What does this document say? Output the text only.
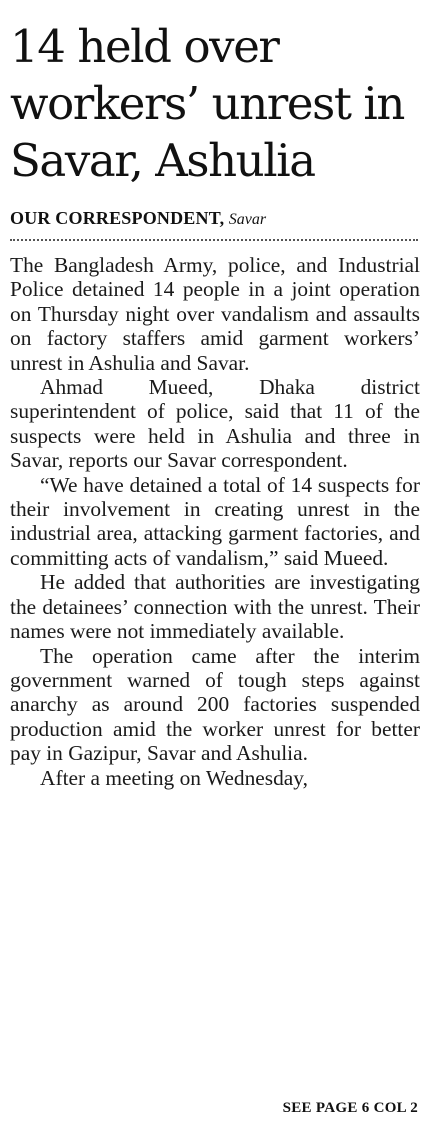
14 held over workers’ unrest in Savar, Ashulia
OUR CORRESPONDENT, Savar

The Bangladesh Army, police, and Industrial Police detained 14 people in a joint operation on Thursday night over vandalism and assaults on factory staffers amid garment workers’ unrest in Ashulia and Savar.

Ahmad Mueed, Dhaka district superintendent of police, said that 11 of the suspects were held in Ashulia and three in Savar, reports our Savar correspondent.

“We have detained a total of 14 suspects for their involvement in creating unrest in the industrial area, attacking garment factories, and committing acts of vandalism,” said Mueed.

He added that authorities are investigating the detainees’ connection with the unrest. Their names were not immediately available.

The operation came after the interim government warned of tough steps against anarchy as around 200 factories suspended production amid the worker unrest for better pay in Gazipur, Savar and Ashulia.

After a meeting on Wednesday,

SEE PAGE 6 COL 2
